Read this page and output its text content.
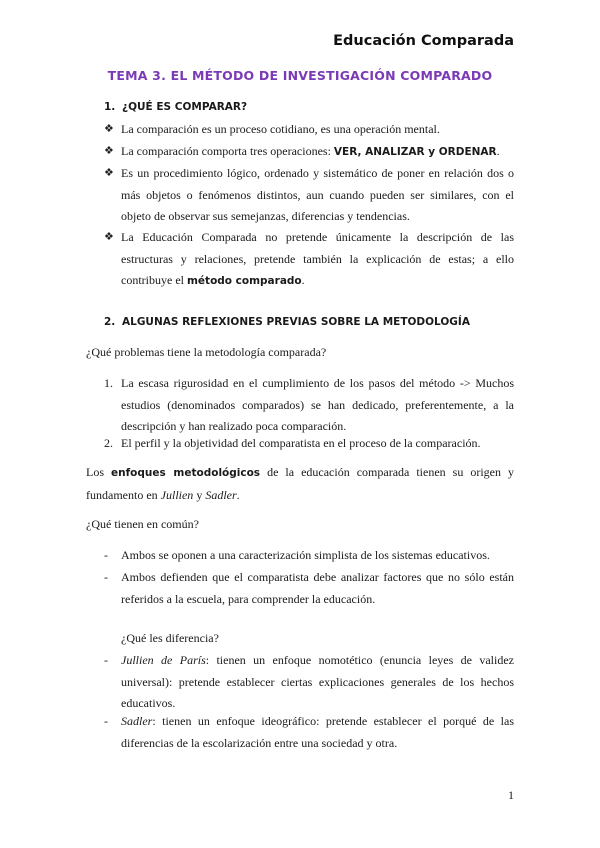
Educación Comparada
TEMA 3. EL MÉTODO DE INVESTIGACIÓN COMPARADO
1. ¿QUÉ ES COMPARAR?
❖ La comparación es un proceso cotidiano, es una operación mental.
❖ La comparación comporta tres operaciones: VER, ANALIZAR y ORDENAR.
❖ Es un procedimiento lógico, ordenado y sistemático de poner en relación dos o más objetos o fenómenos distintos, aun cuando pueden ser similares, con el objeto de observar sus semejanzas, diferencias y tendencias.
❖ La Educación Comparada no pretende únicamente la descripción de las estructuras y relaciones, pretende también la explicación de estas; a ello contribuye el método comparado.
2. ALGUNAS REFLEXIONES PREVIAS SOBRE LA METODOLOGÍA
¿Qué problemas tiene la metodología comparada?
1. La escasa rigurosidad en el cumplimiento de los pasos del método -> Muchos estudios (denominados comparados) se han dedicado, preferentemente, a la descripción y han realizado poca comparación.
2. El perfil y la objetividad del comparatista en el proceso de la comparación.
Los enfoques metodológicos de la educación comparada tienen su origen y fundamento en Jullien y Sadler.
¿Qué tienen en común?
- Ambos se oponen a una caracterización simplista de los sistemas educativos.
- Ambos defienden que el comparatista debe analizar factores que no sólo están referidos a la escuela, para comprender la educación.
¿Qué les diferencia?
- Jullien de París: tienen un enfoque nomotético (enuncia leyes de validez universal): pretende establecer ciertas explicaciones generales de los hechos educativos.
- Sadler: tienen un enfoque ideográfico: pretende establecer el porqué de las diferencias de la escolarización entre una sociedad y otra.
1
